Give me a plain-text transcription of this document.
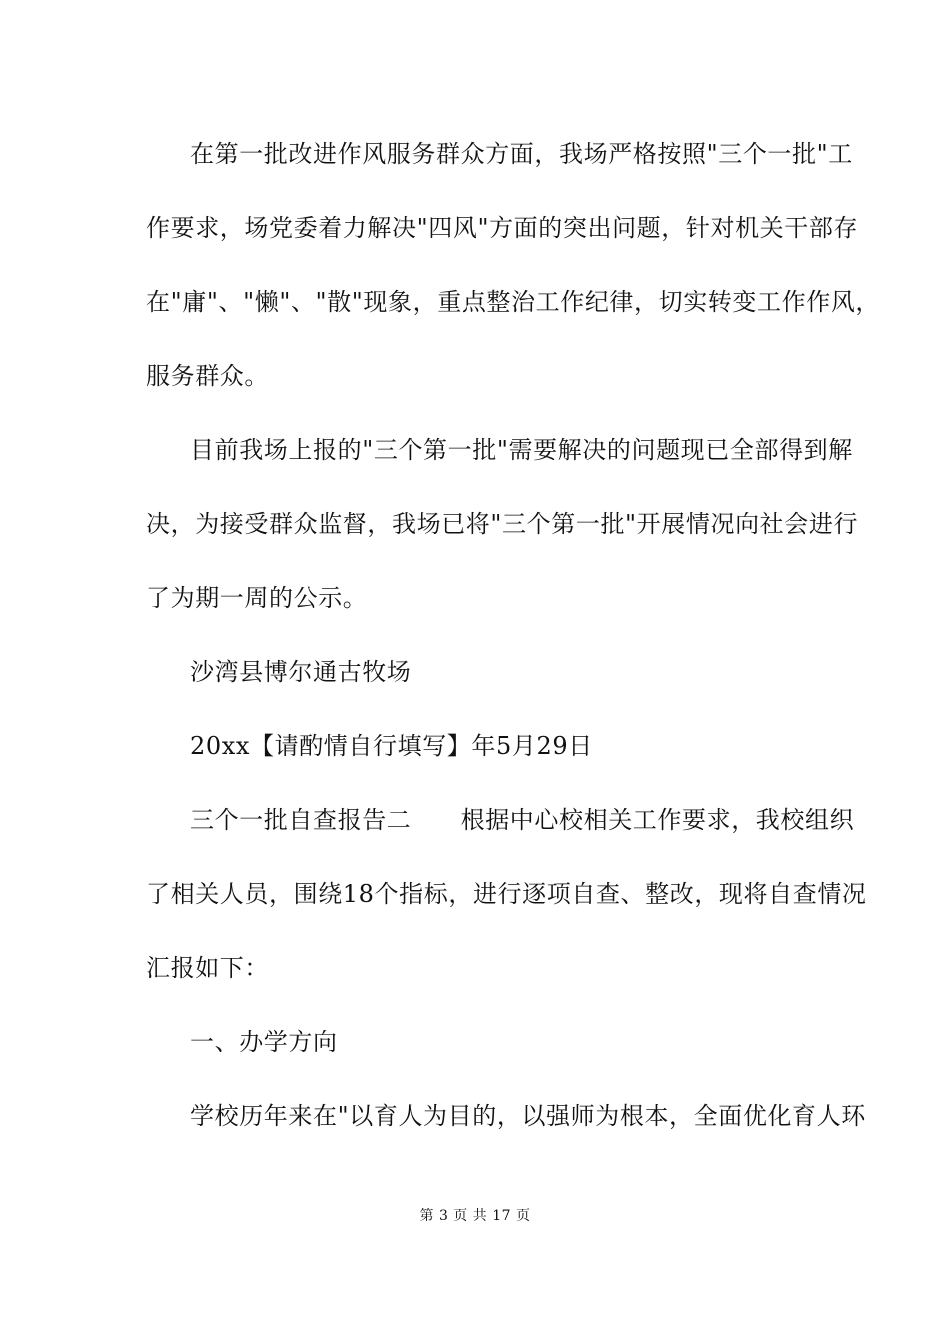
在第一批改进作风服务群众方面，我场严格按照"三个一批"工
作要求，场党委着力解决"四风"方面的突出问题，针对机关干部存
在"庸"、"懒"、"散"现象，重点整治工作纪律，切实转变工作作风，
服务群众。
目前我场上报的"三个第一批"需要解决的问题现已全部得到解
决，为接受群众监督，我场已将"三个第一批"开展情况向社会进行
了为期一周的公示。
沙湾县博尔通古牧场
20xx【请酌情自行填写】年5月29日
三个一批自查报告二　　根据中心校相关工作要求，我校组织
了相关人员，围绕18个指标，进行逐项自查、整改，现将自查情况
汇报如下：
一、办学方向
学校历年来在"以育人为目的，以强师为根本，全面优化育人环
第 3 页 共 17 页
